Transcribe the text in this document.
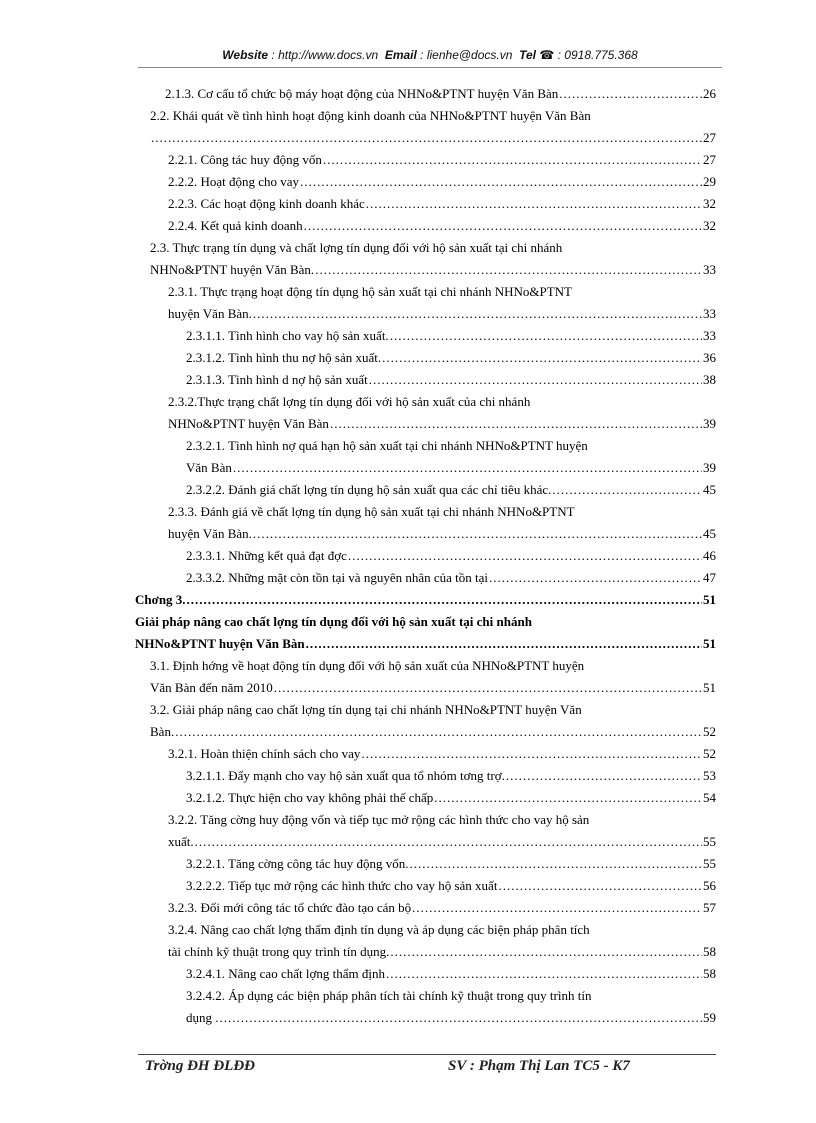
Website : http://www.docs.vn Email : lienhe@docs.vn Tel ☎ : 0918.775.368
2.1.3. Cơ cấu tổ chức bộ máy hoạt động của NHNo&PTNT huyện Văn Bàn .....	26
2.2. Khái quát về tình hình hoạt động kinh doanh của NHNo&PTNT huyện Văn Bàn
.....
27
2.2.1. Công tác huy động vốn .....	27
2.2.2. Hoạt động cho vay .....	29
2.2.3. Các hoạt động kinh doanh khác .....	32
2.2.4. Kết quả kinh doanh .....	32
2.3. Thực trạng tín dụng và chất lợng tín dụng đối với hộ sản xuất tại chi nhánh
NHNo&PTNT huyện Văn Bàn. .....	33
2.3.1. Thực trạng hoạt động tín dụng hộ sản xuất tại chi nhánh NHNo&PTNT
huyện Văn Bàn. .....	33
2.3.1.1. Tình hình cho vay hộ sản xuất. .....	33
2.3.1.2. Tình hình thu nợ hộ sản xuất. .....	36
2.3.1.3. Tình hình d nợ hộ sản xuất .....	38
2.3.2.Thực trạng chất lợng tín dụng đối với hộ sản xuất của chi nhánh
NHNo&PTNT huyện Văn Bàn .....	39
2.3.2.1. Tình hình nợ quá hạn hộ sản xuất tại chi nhánh NHNo&PTNT huyện
Văn Bàn .....	39
2.3.2.2. Đánh giá chất lợng tín dụng hộ sản xuất qua các chỉ tiêu khác. .....	45
2.3.3. Đánh giá về chất lợng tín dụng hộ sản xuất tại chi nhánh NHNo&PTNT
huyện Văn Bàn. .....	45
2.3.3.1. Những kết quả đạt đợc .....	46
2.3.3.2. Những mặt còn tồn tại và nguyên nhân của tồn tại .....	47
Chơng 3. .....	51
Giải pháp nâng cao chất lợng tín dụng đối với hộ sản xuất tại chi nhánh
NHNo&PTNT huyện Văn Bàn .....	51
3.1. Định hớng về hoạt động tín dụng đối với hộ sản xuất của NHNo&PTNT huyện
Văn Bàn đến năm 2010 .....	51
3.2. Giải pháp nâng cao chất lợng tín dụng tại chi nhánh NHNo&PTNT huyện Văn
Bàn. .....	52
3.2.1. Hoàn thiện chính sách cho vay .....	52
3.2.1.1. Đẩy mạnh cho vay hộ sản xuất qua tổ nhóm tơng trợ. .....	53
3.2.1.2. Thực hiện cho vay không phải thế chấp .....	54
3.2.2. Tăng cờng huy động vốn và tiếp tục mở rộng các hình thức cho vay hộ sản
xuất. .....	55
3.2.2.1. Tăng cờng công tác huy động vốn. .....	55
3.2.2.2. Tiếp tục mở rộng các hình thức cho vay hộ sản xuất .....	56
3.2.3. Đổi mới công tác tổ chức đào tạo cán bộ .....	57
3.2.4. Nâng cao chất lợng thẩm định tín dụng và áp dụng các biện pháp phân tích
tài chính kỹ thuật trong quy trình tín dụng. .....	58
3.2.4.1. Nâng cao chất lợng thẩm định .....	58
3.2.4.2. Áp dụng các biện pháp phân tích tài chính kỹ thuật trong quy trình tín
dụng . .....	59
Trờng ĐH ĐLĐĐ	SV : Phạm Thị Lan TC5 - K7
